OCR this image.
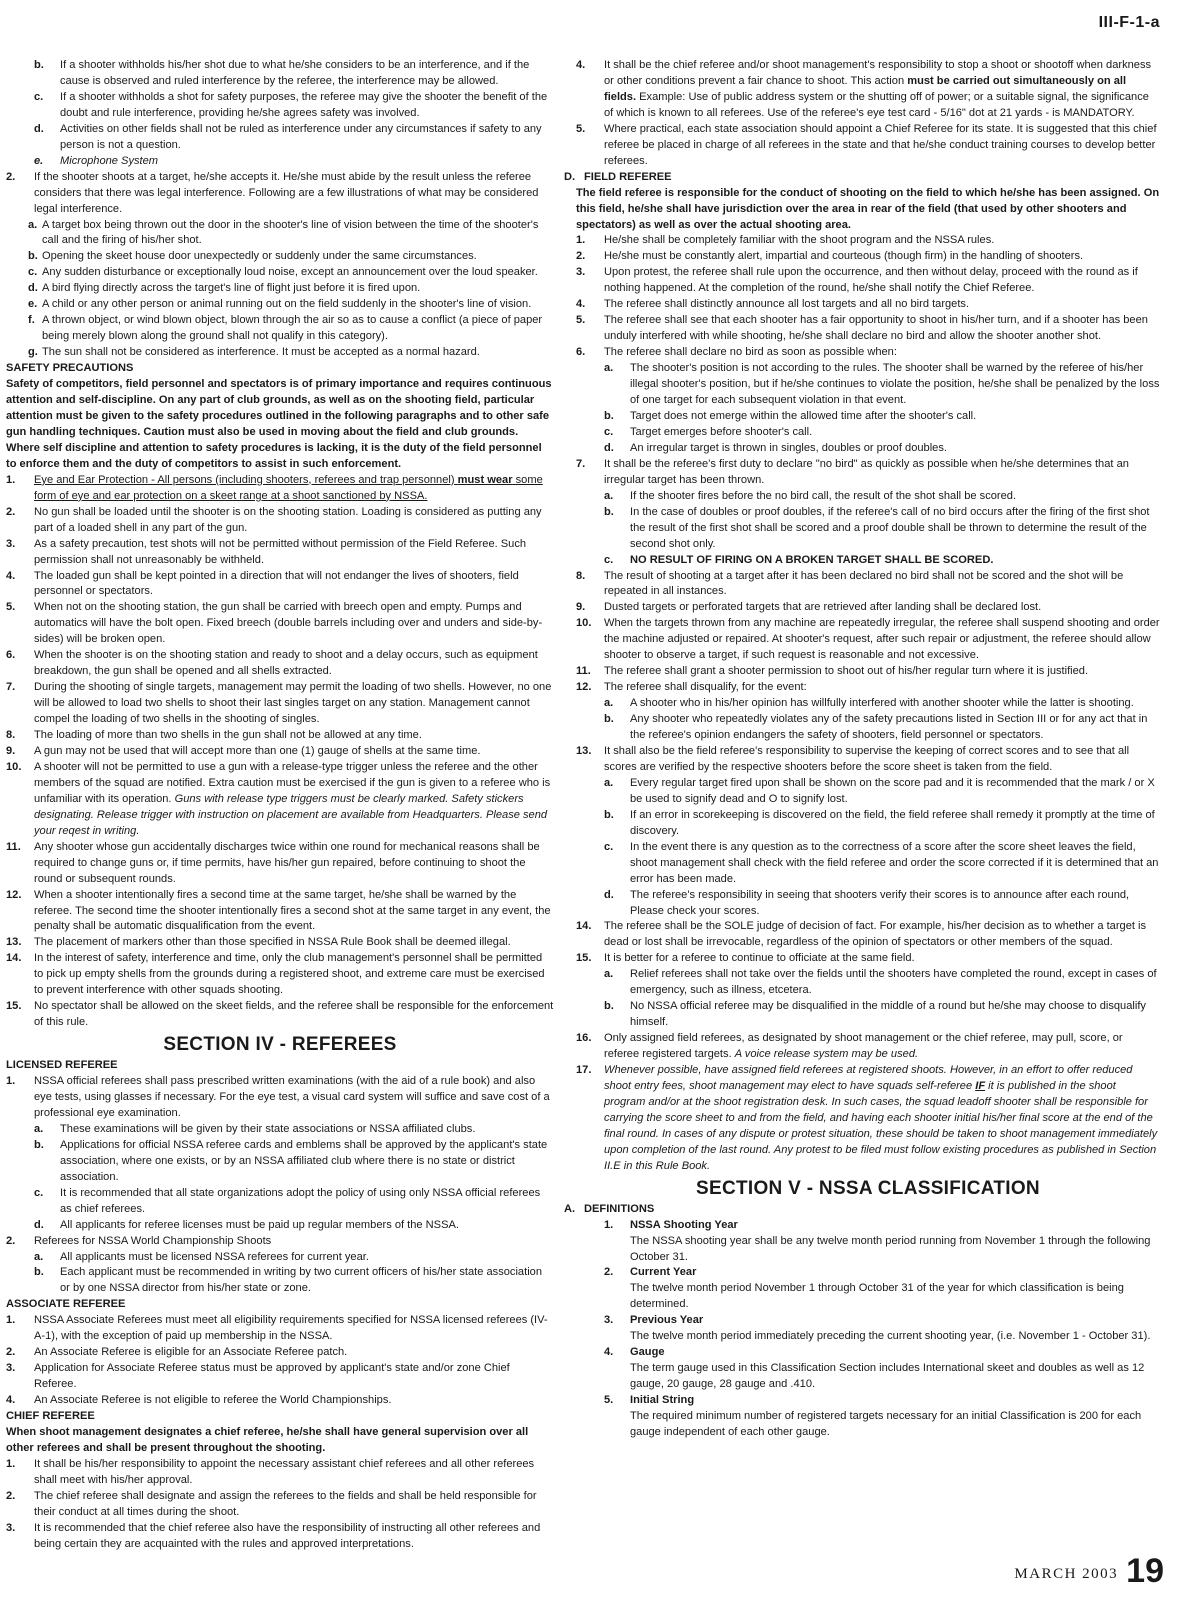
III-F-1-a
b.	If a shooter withholds his/her shot due to what he/she considers to be an interference, and if the cause is observed and ruled interference by the referee, the interference may be allowed.
c.	If a shooter withholds a shot for safety purposes, the referee may give the shooter the benefit of the doubt and rule interference, providing he/she agrees safety was involved.
d.	Activities on other fields shall not be ruled as interference under any circumstances if safety to any person is not a question.
e.	Microphone System
2.	If the shooter shoots at a target, he/she accepts it. He/she must abide by the result unless the referee considers that there was legal interference. Following are a few illustrations of what may be considered legal interference.
a. A target box being thrown out the door in the shooter's line of vision between the time of the shooter's call and the firing of his/her shot.
b. Opening the skeet house door unexpectedly or suddenly under the same circumstances.
c. Any sudden disturbance or exceptionally loud noise, except an announcement over the loud speaker.
d. A bird flying directly across the target's line of flight just before it is fired upon.
e. A child or any other person or animal running out on the field suddenly in the shooter's line of vision.
f. A thrown object, or wind blown object, blown through the air so as to cause a conflict (a piece of paper being merely blown along the ground shall not qualify in this category).
g. The sun shall not be considered as interference. It must be accepted as a normal hazard.
SAFETY PRECAUTIONS
Safety of competitors, field personnel and spectators is of primary importance and requires continuous attention and self-discipline. On any part of club grounds, as well as on the shooting field, particular attention must be given to the safety procedures outlined in the following paragraphs and to other safe gun handling techniques. Caution must also be used in moving about the field and club grounds. Where self discipline and attention to safety procedures is lacking, it is the duty of the field personnel to enforce them and the duty of competitors to assist in such enforcement.
1.	Eye and Ear Protection - All persons (including shooters, referees and trap personnel) must wear some form of eye and ear protection on a skeet range at a shoot sanctioned by NSSA.
2.	No gun shall be loaded until the shooter is on the shooting station. Loading is considered as putting any part of a loaded shell in any part of the gun.
3.	As a safety precaution, test shots will not be permitted without permission of the Field Referee. Such permission shall not unreasonably be withheld.
4.	The loaded gun shall be kept pointed in a direction that will not endanger the lives of shooters, field personnel or spectators.
5.	When not on the shooting station, the gun shall be carried with breech open and empty. Pumps and automatics will have the bolt open. Fixed breech (double barrels including over and unders and side-by-sides) will be broken open.
6.	When the shooter is on the shooting station and ready to shoot and a delay occurs, such as equipment breakdown, the gun shall be opened and all shells extracted.
7.	During the shooting of single targets, management may permit the loading of two shells. However, no one will be allowed to load two shells to shoot their last singles target on any station. Management cannot compel the loading of two shells in the shooting of singles.
8.	The loading of more than two shells in the gun shall not be allowed at any time.
9.	A gun may not be used that will accept more than one (1) gauge of shells at the same time.
10.	A shooter will not be permitted to use a gun with a release-type trigger unless the referee and the other members of the squad are notified. Extra caution must be exercised if the gun is given to a referee who is unfamiliar with its operation. Guns with release type triggers must be clearly marked. Safety stickers designating. Release trigger with instruction on placement are available from Headquarters. Please send your reqest in writing.
11.	Any shooter whose gun accidentally discharges twice within one round for mechanical reasons shall be required to change guns or, if time permits, have his/her gun repaired, before continuing to shoot the round or subsequent rounds.
12.	When a shooter intentionally fires a second time at the same target, he/she shall be warned by the referee. The second time the shooter intentionally fires a second shot at the same target in any event, the penalty shall be automatic disqualification from the event.
13.	The placement of markers other than those specified in NSSA Rule Book shall be deemed illegal.
14.	In the interest of safety, interference and time, only the club management's personnel shall be permitted to pick up empty shells from the grounds during a registered shoot, and extreme care must be exercised to prevent interference with other squads shooting.
15.	No spectator shall be allowed on the skeet fields, and the referee shall be responsible for the enforcement of this rule.
SECTION IV - REFEREES
LICENSED REFEREE
1.	NSSA official referees shall pass prescribed written examinations (with the aid of a rule book) and also eye tests, using glasses if necessary. For the eye test, a visual card system will suffice and save cost of a professional eye examination.
a.	These examinations will be given by their state associations or NSSA affiliated clubs.
b.	Applications for official NSSA referee cards and emblems shall be approved by the applicant's state association, where one exists, or by an NSSA affiliated club where there is no state or district association.
c.	It is recommended that all state organizations adopt the policy of using only NSSA official referees as chief referees.
d.	All applicants for referee licenses must be paid up regular members of the NSSA.
2.	Referees for NSSA World Championship Shoots
a.	All applicants must be licensed NSSA referees for current year.
b.	Each applicant must be recommended in writing by two current officers of his/her state association or by one NSSA director from his/her state or zone.
ASSOCIATE REFEREE
1.	NSSA Associate Referees must meet all eligibility requirements specified for NSSA licensed referees (IV-A-1), with the exception of paid up membership in the NSSA.
2.	An Associate Referee is eligible for an Associate Referee patch.
3.	Application for Associate Referee status must be approved by applicant's state and/or zone Chief Referee.
4.	An Associate Referee is not eligible to referee the World Championships.
CHIEF REFEREE
When shoot management designates a chief referee, he/she shall have general supervision over all other referees and shall be present throughout the shooting.
1.	It shall be his/her responsibility to appoint the necessary assistant chief referees and all other referees shall meet with his/her approval.
2.	The chief referee shall designate and assign the referees to the fields and shall be held responsible for their conduct at all times during the shoot.
3.	It is recommended that the chief referee also have the responsibility of instructing all other referees and being certain they are acquainted with the rules and approved interpretations.
4.	It shall be the chief referee and/or shoot management's responsibility to stop a shoot or shootoff when darkness or other conditions prevent a fair chance to shoot. This action must be carried out simultaneously on all fields. Example: Use of public address system or the shutting off of power; or a suitable signal, the significance of which is known to all referees. Use of the referee's eye test card - 5/16" dot at 21 yards - is MANDATORY.
5.	Where practical, each state association should appoint a Chief Referee for its state. It is suggested that this chief referee be placed in charge of all referees in the state and that he/she conduct training courses to develop better referees.
D. FIELD REFEREE
The field referee is responsible for the conduct of shooting on the field to which he/she has been assigned. On this field, he/she shall have jurisdiction over the area in rear of the field (that used by other shooters and spectators) as well as over the actual shooting area.
1.	He/she shall be completely familiar with the shoot program and the NSSA rules.
2.	He/she must be constantly alert, impartial and courteous (though firm) in the handling of shooters.
3.	Upon protest, the referee shall rule upon the occurrence, and then without delay, proceed with the round as if nothing happened. At the completion of the round, he/she shall notify the Chief Referee.
4.	The referee shall distinctly announce all lost targets and all no bird targets.
5.	The referee shall see that each shooter has a fair opportunity to shoot in his/her turn, and if a shooter has been unduly interfered with while shooting, he/she shall declare no bird and allow the shooter another shot.
6.	The referee shall declare no bird as soon as possible when:
a.	The shooter's position is not according to the rules. The shooter shall be warned by the referee of his/her illegal shooter's position, but if he/she continues to violate the position, he/she shall be penalized by the loss of one target for each subsequent violation in that event.
b.	Target does not emerge within the allowed time after the shooter's call.
c.	Target emerges before shooter's call.
d.	An irregular target is thrown in singles, doubles or proof doubles.
7.	It shall be the referee's first duty to declare "no bird" as quickly as possible when he/she determines that an irregular target has been thrown.
a.	If the shooter fires before the no bird call, the result of the shot shall be scored.
b.	In the case of doubles or proof doubles, if the referee's call of no bird occurs after the firing of the first shot the result of the first shot shall be scored and a proof double shall be thrown to determine the result of the second shot only.
c.	NO RESULT OF FIRING ON A BROKEN TARGET SHALL BE SCORED.
8.	The result of shooting at a target after it has been declared no bird shall not be scored and the shot will be repeated in all instances.
9.	Dusted targets or perforated targets that are retrieved after landing shall be declared lost.
10.	When the targets thrown from any machine are repeatedly irregular, the referee shall suspend shooting and order the machine adjusted or repaired. At shooter's request, after such repair or adjustment, the referee should allow shooter to observe a target, if such request is reasonable and not excessive.
11.	The referee shall grant a shooter permission to shoot out of his/her regular turn where it is justified.
12.	The referee shall disqualify, for the event:
a.	A shooter who in his/her opinion has willfully interfered with another shooter while the latter is shooting.
b.	Any shooter who repeatedly violates any of the safety precautions listed in Section III or for any act that in the referee's opinion endangers the safety of shooters, field personnel or spectators.
13.	It shall also be the field referee's responsibility to supervise the keeping of correct scores and to see that all scores are verified by the respective shooters before the score sheet is taken from the field.
a.	Every regular target fired upon shall be shown on the score pad and it is recommended that the mark / or X be used to signify dead and O to signify lost.
b.	If an error in scorekeeping is discovered on the field, the field referee shall remedy it promptly at the time of discovery.
c.	In the event there is any question as to the correctness of a score after the score sheet leaves the field, shoot management shall check with the field referee and order the score corrected if it is determined that an error has been made.
d.	The referee's responsibility in seeing that shooters verify their scores is to announce after each round, Please check your scores.
14.	The referee shall be the SOLE judge of decision of fact. For example, his/her decision as to whether a target is dead or lost shall be irrevocable, regardless of the opinion of spectators or other members of the squad.
15.	It is better for a referee to continue to officiate at the same field.
a.	Relief referees shall not take over the fields until the shooters have completed the round, except in cases of emergency, such as illness, etcetera.
b.	No NSSA official referee may be disqualified in the middle of a round but he/she may choose to disqualify himself.
16.	Only assigned field referees, as designated by shoot management or the chief referee, may pull, score, or referee registered targets. A voice release system may be used.
17.	Whenever possible, have assigned field referees at registered shoots. However, in an effort to offer reduced shoot entry fees, shoot management may elect to have squads self-referee IF it is published in the shoot program and/or at the shoot registration desk. In such cases, the squad leadoff shooter shall be responsible for carrying the score sheet to and from the field, and having each shooter initial his/her final score at the end of the final round. In cases of any dispute or protest situation, these should be taken to shoot management immediately upon completion of the last round. Any protest to be filed must follow existing procedures as published in Section II.E in this Rule Book.
SECTION V - NSSA CLASSIFICATION
A. DEFINITIONS
1.	NSSA Shooting Year
The NSSA shooting year shall be any twelve month period running from November 1 through the following October 31.
2.	Current Year
The twelve month period November 1 through October 31 of the year for which classification is being determined.
3.	Previous Year
The twelve month period immediately preceding the current shooting year, (i.e. November 1 - October 31).
4.	Gauge
The term gauge used in this Classification Section includes International skeet and doubles as well as 12 gauge, 20 gauge, 28 gauge and .410.
5.	Initial String
The required minimum number of registered targets necessary for an initial Classification is 200 for each gauge independent of each other gauge.
MARCH 2003 19
